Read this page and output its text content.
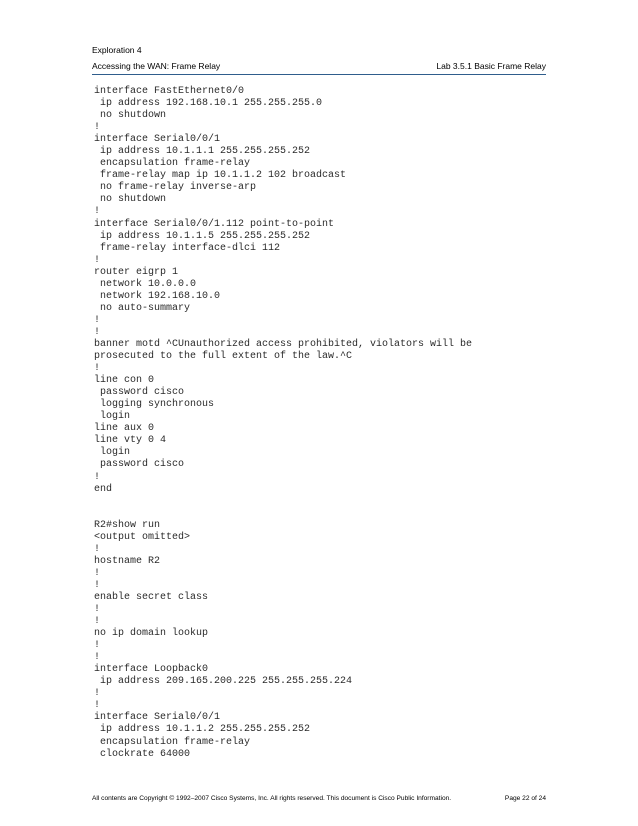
Exploration 4
Accessing the WAN: Frame Relay	Lab 3.5.1 Basic Frame Relay
interface FastEthernet0/0
ip address 192.168.10.1 255.255.255.0
no shutdown
!
interface Serial0/0/1
ip address 10.1.1.1 255.255.255.252
encapsulation frame-relay
frame-relay map ip 10.1.1.2 102 broadcast
no frame-relay inverse-arp
no shutdown
!
interface Serial0/0/1.112 point-to-point
ip address 10.1.1.5 255.255.255.252
frame-relay interface-dlci 112
!
router eigrp 1
network 10.0.0.0
network 192.168.10.0
no auto-summary
!
!
banner motd ^CUnauthorized access prohibited, violators will be
prosecuted to the full extent of the law.^C
!
line con 0
password cisco
logging synchronous
login
line aux 0
line vty 0 4
login
password cisco
!
end
R2#show run
<output omitted>
!
hostname R2
!
!
enable secret class
!
!
no ip domain lookup
!
!
interface Loopback0
ip address 209.165.200.225 255.255.255.224
!
!
interface Serial0/0/1
ip address 10.1.1.2 255.255.255.252
encapsulation frame-relay
clockrate 64000
All contents are Copyright © 1992–2007 Cisco Systems, Inc. All rights reserved. This document is Cisco Public Information.	Page 22 of 24
